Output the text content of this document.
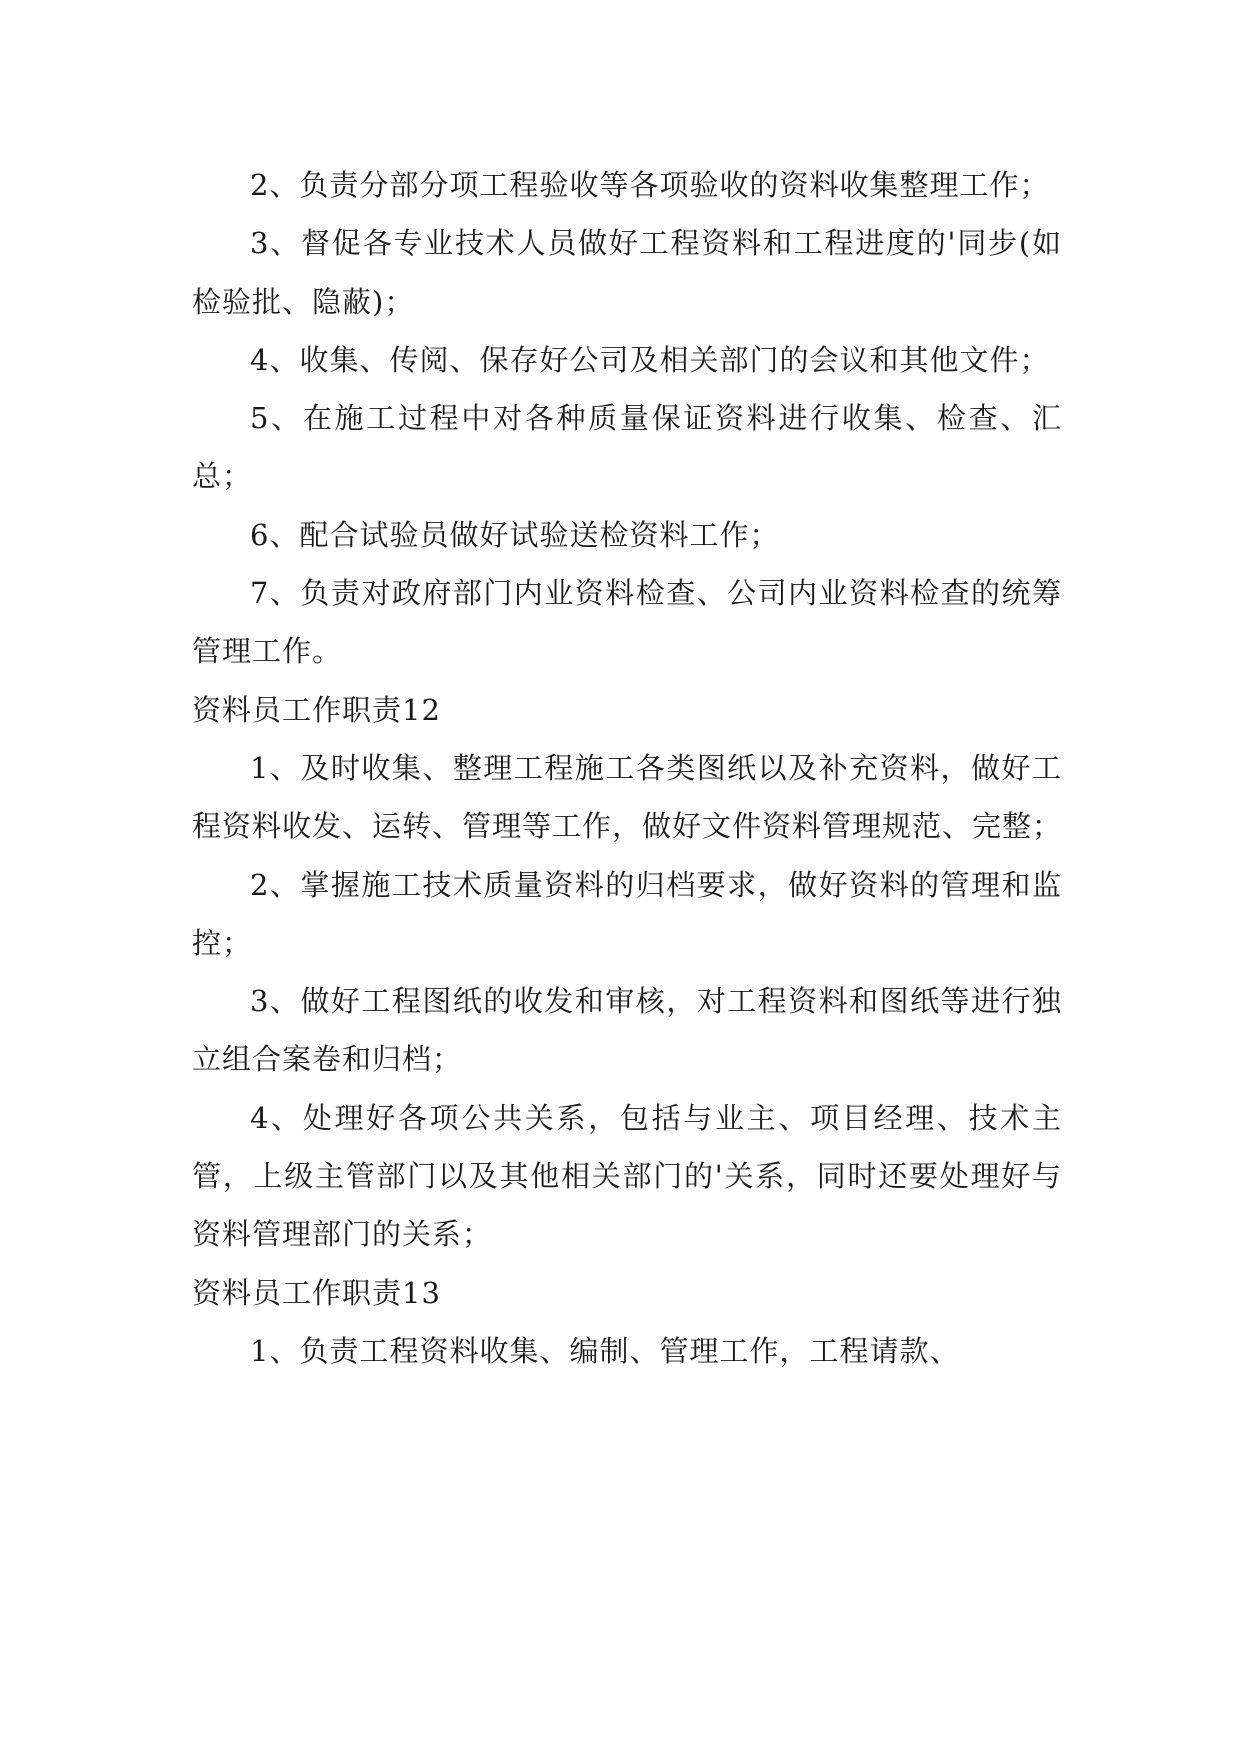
2、负责分部分项工程验收等各项验收的资料收集整理工作；

3、督促各专业技术人员做好工程资料和工程进度的'同步(如检验批、隐蔽)；

4、收集、传阅、保存好公司及相关部门的会议和其他文件；

5、在施工过程中对各种质量保证资料进行收集、检查、汇总；

6、配合试验员做好试验送检资料工作；

7、负责对政府部门内业资料检查、公司内业资料检查的统筹管理工作。

资料员工作职责12

1、及时收集、整理工程施工各类图纸以及补充资料，做好工程资料收发、运转、管理等工作，做好文件资料管理规范、完整；

2、掌握施工技术质量资料的归档要求，做好资料的管理和监控；

3、做好工程图纸的收发和审核，对工程资料和图纸等进行独立组合案卷和归档；

4、处理好各项公共关系，包括与业主、项目经理、技术主管，上级主管部门以及其他相关部门的'关系，同时还要处理好与资料管理部门的关系；

资料员工作职责13

1、负责工程资料收集、编制、管理工作，工程请款、
